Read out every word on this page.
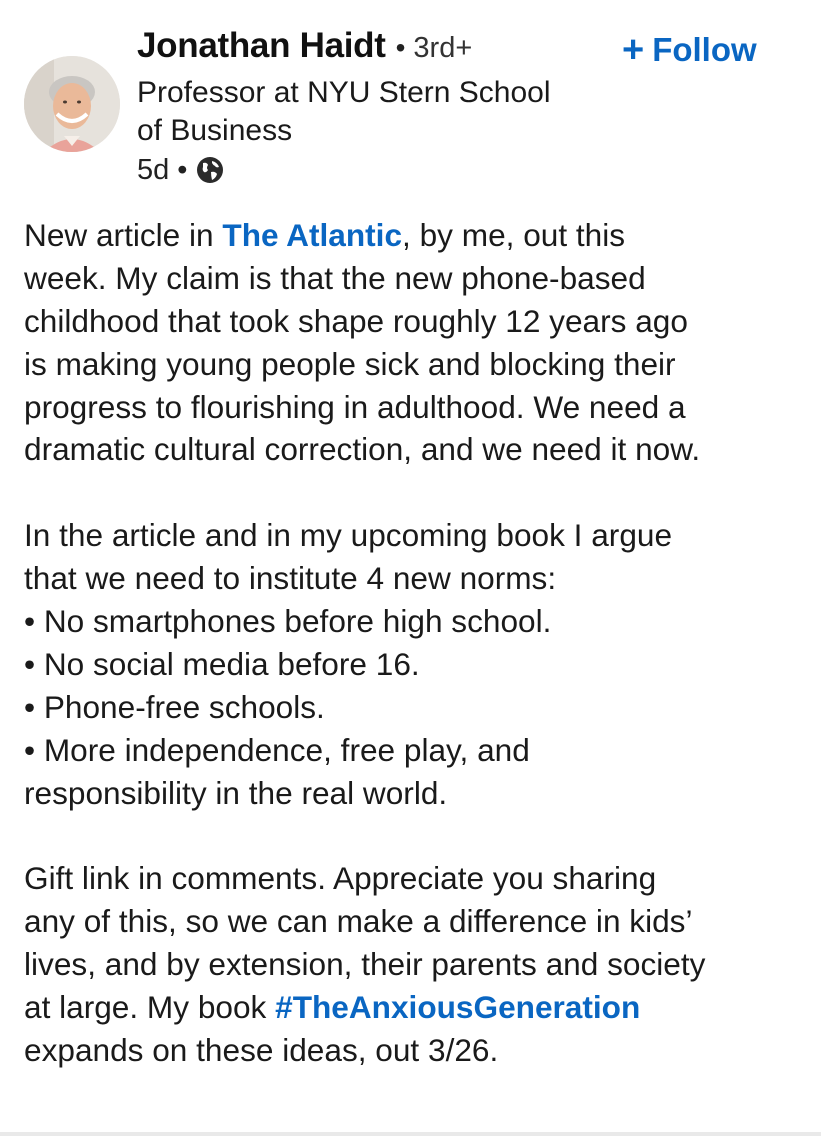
Jonathan Haidt • 3rd+
Professor at NYU Stern School
of Business
5d •
+ Follow
New article in The Atlantic, by me, out this
week. My claim is that the new phone-based
childhood that took shape roughly 12 years ago
is making young people sick and blocking their
progress to flourishing in adulthood. We need a
dramatic cultural correction, and we need it now.
In the article and in my upcoming book I argue
that we need to institute 4 new norms:
• No smartphones before high school.
• No social media before 16.
• Phone-free schools.
• More independence, free play, and
responsibility in the real world.
Gift link in comments. Appreciate you sharing
any of this, so we can make a difference in kids’
lives, and by extension, their parents and society
at large. My book #TheAnxiousGeneration
expands on these ideas, out 3/26.
